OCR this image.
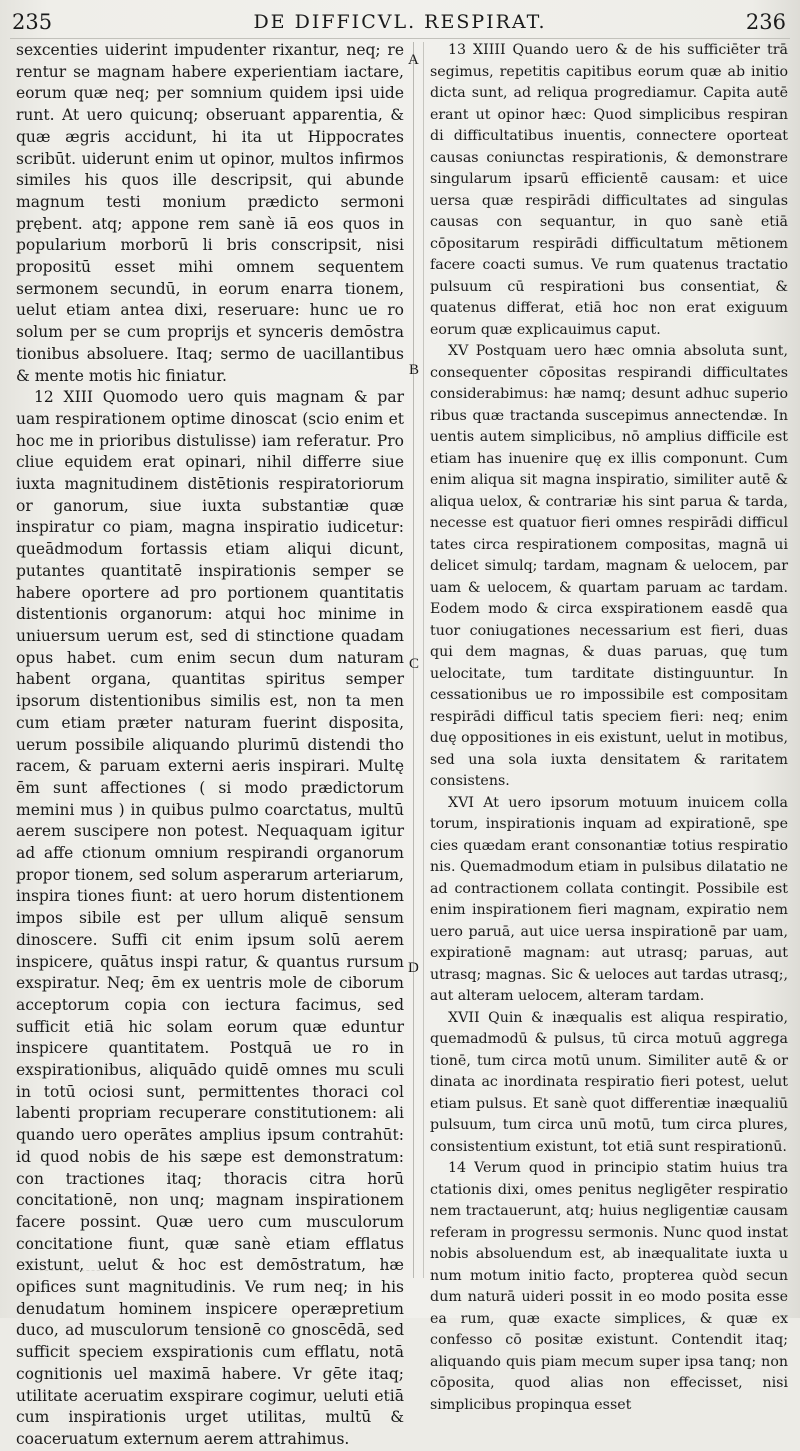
235	DE DIFFICVL. RESPIRAT.	236
A
B
C
D

sexcenties uiderint impudenter rixantur, neq; re rentur se magnam habere experientiam iactare, eorum quæ neq; per somnium quidem ipsi uide runt. At uero quicunq; obseruant apparentia, & quæ ægris accidunt, hi ita ut Hippocrates scribūt. uiderunt enim ut opinor, multos infirmos similes his quos ille descripsit, qui abunde magnum testi monium prædicto sermoni prębent. atq; appone rem sanè iā eos quos in popularium morborū li bris conscripsit, nisi propositū esset mihi omnem sequentem sermonem secundū, in eorum enarra tionem, uelut etiam antea dixi, reseruare: hunc ue ro solum per se cum proprijs et synceris demōstra tionibus absoluere. Itaq; sermo de uacillantibus & mente motis hic finiatur.

12 XIII Quomodo uero quis magnam & par uam respirationem optime dinoscat (scio enim et hoc me in prioribus distulisse) iam referatur. Pro cliue equidem erat opinari, nihil differre siue iuxta magnitudinem distētionis respiratoriorum or ganorum, siue iuxta substantiæ quæ inspiratur co piam, magna inspiratio iudicetur: queādmodum fortassis etiam aliqui dicunt, putantes quantitatē inspirationis semper se habere oportere ad pro portionem quantitatis distentionis organorum: atqui hoc minime in uniuersum uerum est, sed di stinctione quadam opus habet. cum enim secun dum naturam habent organa, quantitas spiritus semper ipsorum distentionibus similis est, non ta men cum etiam præter naturam fuerint disposita, uerum possibile aliquando plurimū distendi tho racem, & paruam externi aeris inspirari. Multę ēm sunt affectiones ( si modo prædictorum memini mus ) in quibus pulmo coarctatus, multū aerem suscipere non potest. Nequaquam igitur ad affe ctionum omnium respirandi organorum propor tionem, sed solum asperarum arteriarum, inspira tiones fiunt: at uero horum distentionem impos sibile est per ullum aliquē sensum dinoscere. Suffi cit enim ipsum solū aerem inspicere, quātus inspi ratur, & quantus rursum exspiratur. Neq; ēm ex uentris mole de ciborum acceptorum copia con iectura facimus, sed sufficit etiā hic solam eorum quæ eduntur inspicere quantitatem. Postquā ue ro in exspirationibus, aliquādo quidē omnes mu sculi in totū ociosi sunt, permittentes thoraci col labenti propriam recuperare constitutionem: ali quando uero operātes amplius ipsum contrahūt: id quod nobis de his sæpe est demonstratum: con tractiones itaq; thoracis citra horū concitationē, non unq; magnam inspirationem facere possint. Quæ uero cum musculorum concitatione fiunt, quæ sanè etiam efflatus existunt, uelut & hoc est demōstratum, hæ opifices sunt magnitudinis. Ve rum neq; in his denudatum hominem inspicere operæpretium duco, ad musculorum tensionē co gnoscēdā, sed sufficit speciem exspirationis cum efflatu, notā cognitionis uel maximā habere. Vr gēte itaq; utilitate aceruatim exspirare cogimur, ueluti etiā cum inspirationis urget utilitas, multū & coaceruatum externum aerem attrahimus.

13 XIIII Quando uero & de his sufficiēter trā segimus, repetitis capitibus eorum quæ ab initio dicta sunt, ad reliqua progrediamur. Capita autē erant ut opinor hæc: Quod simplicibus respiran di difficultatibus inuentis, connectere oporteat causas coniunctas respirationis, & demonstrare singularum ipsarū efficientē causam: et uice uersa quæ respirādi difficultates ad singulas causas con sequantur, in quo sanè etiā cōpositarum respirādi difficultatum mētionem facere coacti sumus. Ve rum quatenus tractatio pulsuum cū respirationi bus consentiat, & quatenus differat, etiā hoc non erat exiguum eorum quæ explicauimus caput.

XV Postquam uero hæc omnia absoluta sunt, consequenter cōpositas respirandi difficultates considerabimus: hæ namq; desunt adhuc superio ribus quæ tractanda suscepimus annectendæ. In uentis autem simplicibus, nō amplius difficile est etiam has inuenire quę ex illis componunt. Cum enim aliqua sit magna inspiratio, similiter autē & aliqua uelox, & contrariæ his sint parua & tarda, necesse est quatuor fieri omnes respirādi difficul tates circa respirationem compositas, magnā ui delicet simulq; tardam, magnam & uelocem, par uam & uelocem, & quartam paruam ac tardam. Eodem modo & circa exspirationem easdē qua tuor coniugationes necessarium est fieri, duas qui dem magnas, & duas paruas, quę tum uelocitate, tum tarditate distinguuntur. In cessationibus ue ro impossibile est compositam respirādi difficul tatis speciem fieri: neq; enim duę oppositiones in eis existunt, uelut in motibus, sed una sola iuxta densitatem & raritatem consistens.

XVI At uero ipsorum motuum inuicem colla torum, inspirationis inquam ad expirationē, spe cies quædam erant consonantiæ totius respiratio nis. Quemadmodum etiam in pulsibus dilatatio ne ad contractionem collata contingit. Possibile est enim inspirationem fieri magnam, expiratio nem uero paruā, aut uice uersa inspirationē par uam, expirationē magnam: aut utrasq; paruas, aut utrasq; magnas. Sic & ueloces aut tardas utrasq;, aut alteram uelocem, alteram tardam.

XVII Quin & inæqualis est aliqua respiratio, quemadmodū & pulsus, tū circa motuū aggrega tionē, tum circa motū unum. Similiter autē & or dinata ac inordinata respiratio fieri potest, uelut etiam pulsus. Et sanè quot differentiæ inæqualiū pulsuum, tum circa unū motū, tum circa plures, consistentium existunt, tot etiā sunt respirationū.

14 Verum quod in principio statim huius tra ctationis dixi, omes penitus negligēter respiratio nem tractauerunt, atq; huius negligentiæ causam referam in progressu sermonis. Nunc quod instat nobis absoluendum est, ab inæqualitate iuxta u num motum initio facto, propterea quòd secun dum naturā uideri possit in eo modo posita esse ea rum, quæ exacte simplices, & quæ ex confesso cō positæ existunt. Contendit itaq; aliquando quis piam mecum super ipsa tanq; non cōposita, quod alias non effecisset, nisi simplicibus propinqua esset
